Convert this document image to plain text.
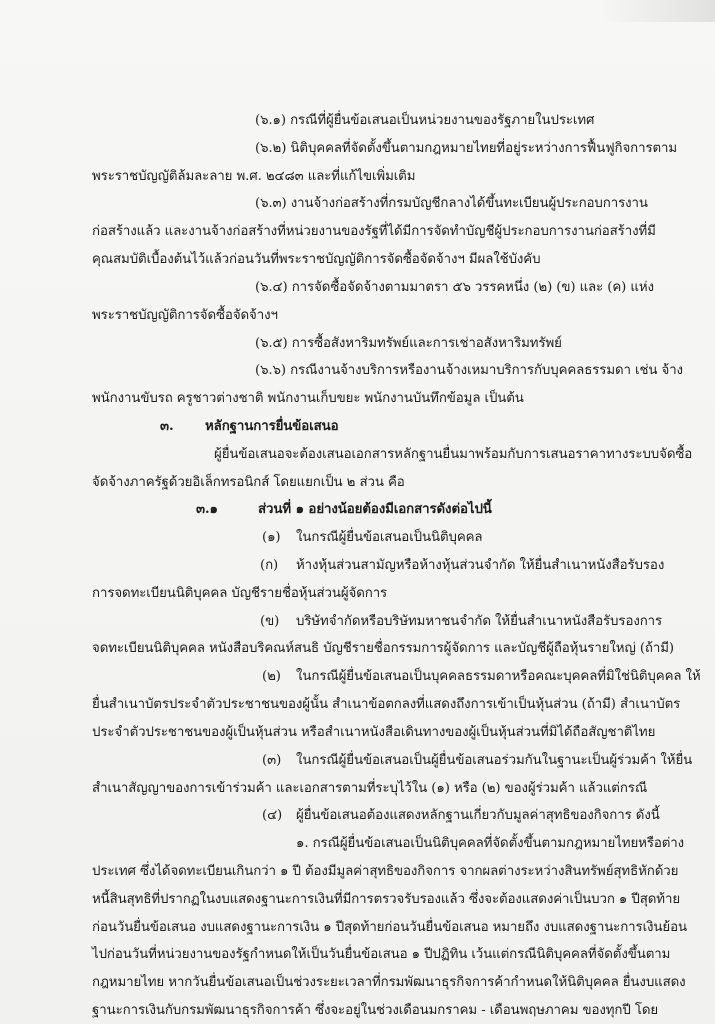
(๖.๑) กรณีที่ผู้ยื่นข้อเสนอเป็นหน่วยงานของรัฐภายในประเทศ
(๖.๒) นิติบุคคลที่จัดตั้งขึ้นตามกฎหมายไทยที่อยู่ระหว่างการฟื้นฟูกิจการตาม
พระราชบัญญัติล้มละลาย พ.ศ. ๒๔๘๓ และที่แก้ไขเพิ่มเติม
(๖.๓) งานจ้างก่อสร้างที่กรมบัญชีกลางได้ขึ้นทะเบียนผู้ประกอบการงาน
ก่อสร้างแล้ว และงานจ้างก่อสร้างที่หน่วยงานของรัฐที่ได้มีการจัดทำบัญชีผู้ประกอบการงานก่อสร้างที่มี
คุณสมบัติเบื้องต้นไว้แล้วก่อนวันที่พระราชบัญญัติการจัดซื้อจัดจ้างฯ มีผลใช้บังคับ
(๖.๔) การจัดซื้อจัดจ้างตามมาตรา ๕๖ วรรคหนึ่ง (๒) (ข) และ (ค) แห่ง
พระราชบัญญัติการจัดซื้อจัดจ้างฯ
(๖.๕) การซื้อสังหาริมทรัพย์และการเช่าอสังหาริมทรัพย์
(๖.๖) กรณีงานจ้างบริการหรืองานจ้างเหมาบริการกับบุคคลธรรมดา เช่น จ้าง
พนักงานขับรถ ครูชาวต่างชาติ พนักงานเก็บขยะ พนักงานบันทึกข้อมูล เป็นต้น
๓. หลักฐานการยื่นข้อเสนอ
ผู้ยื่นข้อเสนอจะต้องเสนอเอกสารหลักฐานยื่นมาพร้อมกับการเสนอราคาทางระบบจัดซื้อ
จัดจ้างภาครัฐด้วยอิเล็กทรอนิกส์ โดยแยกเป็น ๒ ส่วน คือ
๓.๑	ส่วนที่ ๑ อย่างน้อยต้องมีเอกสารดังต่อไปนี้
(๑) ในกรณีผู้ยื่นข้อเสนอเป็นนิติบุคคล
(ก) ห้างหุ้นส่วนสามัญหรือห้างหุ้นส่วนจำกัด ให้ยื่นสำเนาหนังสือรับรอง
การจดทะเบียนนิติบุคคล บัญชีรายชื่อหุ้นส่วนผู้จัดการ
(ข) บริษัทจำกัดหรือบริษัทมหาชนจำกัด ให้ยื่นสำเนาหนังสือรับรองการ
จดทะเบียนนิติบุคคล หนังสือบริคณห์สนธิ บัญชีรายชื่อกรรมการผู้จัดการ และบัญชีผู้ถือหุ้นรายใหญ่ (ถ้ามี)
(๒) ในกรณีผู้ยื่นข้อเสนอเป็นบุคคลธรรมดาหรือคณะบุคคลที่มิใช่นิติบุคคล ให้
ยื่นสำเนาบัตรประจำตัวประชาชนของผู้นั้น สำเนาข้อตกลงที่แสดงถึงการเข้าเป็นหุ้นส่วน (ถ้ามี) สำเนาบัตร
ประจำตัวประชาชนของผู้เป็นหุ้นส่วน หรือสำเนาหนังสือเดินทางของผู้เป็นหุ้นส่วนที่มิได้ถือสัญชาติไทย
(๓) ในกรณีผู้ยื่นข้อเสนอเป็นผู้ยื่นข้อเสนอร่วมกันในฐานะเป็นผู้ร่วมค้า ให้ยื่น
สำเนาสัญญาของการเข้าร่วมค้า และเอกสารตามที่ระบุไว้ใน (๑) หรือ (๒) ของผู้ร่วมค้า แล้วแต่กรณี
(๔) ผู้ยื่นข้อเสนอต้องแสดงหลักฐานเกี่ยวกับมูลค่าสุทธิของกิจการ ดังนี้
๑. กรณีผู้ยื่นข้อเสนอเป็นนิติบุคคลที่จัดตั้งขึ้นตามกฎหมายไทยหรือต่าง
ประเทศ ซึ่งได้จดทะเบียนเกินกว่า ๑ ปี ต้องมีมูลค่าสุทธิของกิจการ จากผลต่างระหว่างสินทรัพย์สุทธิหักด้วย
หนี้สินสุทธิที่ปรากฏในงบแสดงฐานะการเงินที่มีการตรวจรับรองแล้ว ซึ่งจะต้องแสดงค่าเป็นบวก ๑ ปีสุดท้าย
ก่อนวันยื่นข้อเสนอ งบแสดงฐานะการเงิน ๑ ปีสุดท้ายก่อนวันยื่นข้อเสนอ หมายถึง งบแสดงฐานะการเงินย้อน
ไปก่อนวันที่หน่วยงานของรัฐกำหนดให้เป็นวันยื่นข้อเสนอ ๑ ปีปฏิทิน เว้นแต่กรณีนิติบุคคลที่จัดตั้งขึ้นตาม
กฎหมายไทย หากวันยื่นข้อเสนอเป็นช่วงระยะเวลาที่กรมพัฒนาธุรกิจการค้ากำหนดให้นิติบุคคล ยื่นงบแสดง
ฐานะการเงินกับกรมพัฒนาธุรกิจการค้า ซึ่งจะอยู่ในช่วงเดือนมกราคม - เดือนพฤษภาคม ของทุกปี โดย
